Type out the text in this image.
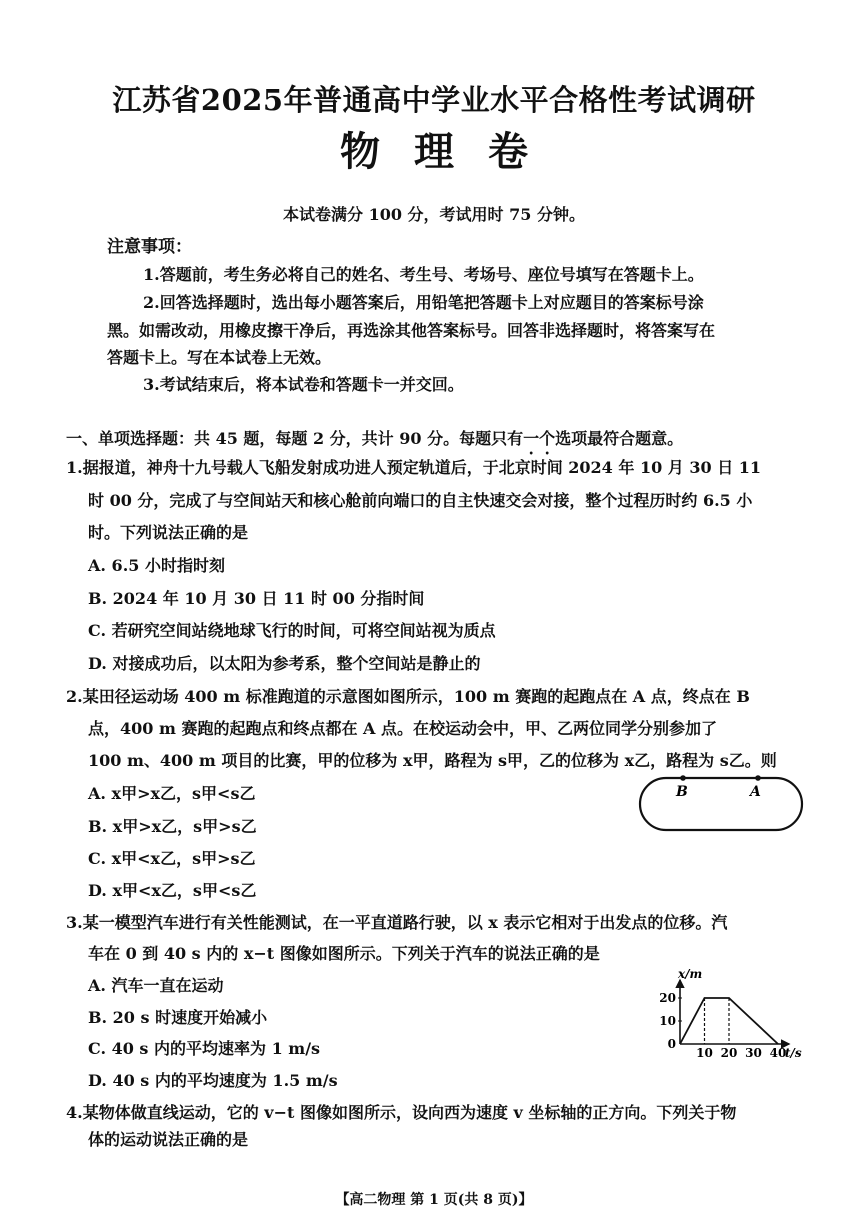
江苏省2025年普通高中学业水平合格性考试调研
物理卷
本试卷满分 100 分，考试用时 75 分钟。
注意事项：
1.答题前，考生务必将自己的姓名、考生号、考场号、座位号填写在答题卡上。
2.回答选择题时，选出每小题答案后，用铅笔把答题卡上对应题目的答案标号涂
黑。如需改动，用橡皮擦干净后，再选涂其他答案标号。回答非选择题时，将答案写在
答题卡上。写在本试卷上无效。
3.考试结束后，将本试卷和答题卡一并交回。
一、单项选择题：共 45 题，每题 2 分，共计 90 分。每题只有一个选项最符合题意。
1.据报道，神舟十九号载人飞船发射成功进人预定轨道后，于北京时间 2024 年 10 月 30 日 11
时 00 分，完成了与空间站天和核心舱前向端口的自主快速交会对接，整个过程历时约 6.5 小
时。下列说法正确的是
A. 6.5 小时指时刻
B. 2024 年 10 月 30 日 11 时 00 分指时间
C. 若研究空间站绕地球飞行的时间，可将空间站视为质点
D. 对接成功后，以太阳为参考系，整个空间站是静止的
2.某田径运动场 400 m 标准跑道的示意图如图所示，100 m 赛跑的起跑点在 A 点，终点在 B
点，400 m 赛跑的起跑点和终点都在 A 点。在校运动会中，甲、乙两位同学分别参加了
100 m、400 m 项目的比赛，甲的位移为 x甲，路程为 s甲，乙的位移为 x乙，路程为 s乙。则
A. x甲>x乙，s甲<s乙
B. x甲>x乙，s甲>s乙
C. x甲<x乙，s甲>s乙
D. x甲<x乙，s甲<s乙
B	A
3.某一模型汽车进行有关性能测试，在一平直道路行驶，以 x 表示它相对于出发点的位移。汽
车在 0 到 40 s 内的 x−t 图像如图所示。下列关于汽车的说法正确的是
A. 汽车一直在运动
B. 20 s 时速度开始减小
C. 40 s 内的平均速率为 1 m/s
D. 40 s 内的平均速度为 1.5 m/s
x/m
t/s
0
10
20
10 20 30 40
4.某物体做直线运动，它的 v−t 图像如图所示，设向西为速度 v 坐标轴的正方向。下列关于物
体的运动说法正确的是
【高二物理 第 1 页(共 8 页)】
